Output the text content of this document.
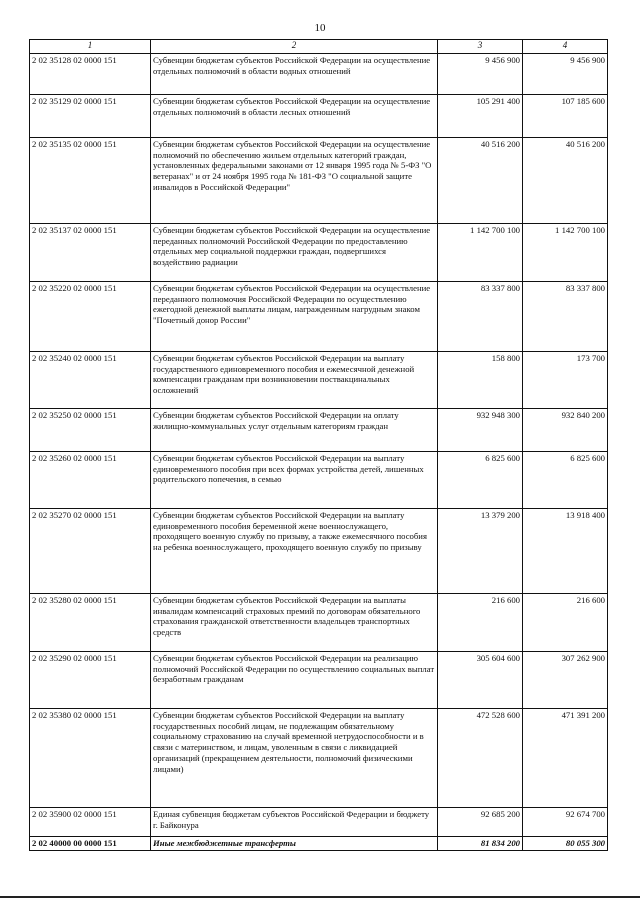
10
1	2	3	4
2 02 35128 02 0000 151	Субвенции бюджетам субъектов Российской Федерации на осуществление отдельных полномочий в области водных отношений	9 456 900	9 456 900
2 02 35129 02 0000 151	Субвенции бюджетам субъектов Российской Федерации на осуществление отдельных полномочий в области лесных отношений	105 291 400	107 185 600
2 02 35135 02 0000 151	Субвенции бюджетам субъектов Российской Федерации на осуществление полномочий по обеспечению жильем отдельных категорий граждан, установленных федеральными законами от 12 января 1995 года № 5-ФЗ "О ветеранах" и от 24 ноября 1995 года № 181-ФЗ "О социальной защите инвалидов в Российской Федерации"	40 516 200	40 516 200
2 02 35137 02 0000 151	Субвенции бюджетам субъектов Российской Федерации на осуществление переданных полномочий Российской Федерации по предоставлению отдельных мер социальной поддержки граждан, подвергшихся воздействию радиации	1 142 700 100	1 142 700 100
2 02 35220 02 0000 151	Субвенции бюджетам субъектов Российской Федерации на осуществление переданного полномочия Российской Федерации по осуществлению ежегодной денежной выплаты лицам, награжденным нагрудным знаком "Почетный донор России"	83 337 800	83 337 800
2 02 35240 02 0000 151	Субвенции бюджетам субъектов Российской Федерации на выплату государственного единовременного пособия и ежемесячной денежной компенсации гражданам при возникновении поствакцинальных осложнений	158 800	173 700
2 02 35250 02 0000 151	Субвенции бюджетам субъектов Российской Федерации на оплату жилищно-коммунальных услуг отдельным категориям граждан	932 948 300	932 840 200
2 02 35260 02 0000 151	Субвенции бюджетам субъектов Российской Федерации на выплату единовременного пособия при всех формах устройства детей, лишенных родительского попечения, в семью	6 825 600	6 825 600
2 02 35270 02 0000 151	Субвенции бюджетам субъектов Российской Федерации на выплату единовременного пособия беременной жене военнослужащего, проходящего военную службу по призыву, а также ежемесячного пособия на ребенка военнослужащего, проходящего военную службу по призыву	13 379 200	13 918 400
2 02 35280 02 0000 151	Субвенции бюджетам субъектов Российской Федерации на выплаты инвалидам компенсаций страховых премий по договорам обязательного страхования гражданской ответственности владельцев транспортных средств	216 600	216 600
2 02 35290 02 0000 151	Субвенции бюджетам субъектов Российской Федерации на реализацию полномочий Российской Федерации по осуществлению социальных выплат безработным гражданам	305 604 600	307 262 900
2 02 35380 02 0000 151	Субвенции бюджетам субъектов Российской Федерации на выплату государственных пособий лицам, не подлежащим обязательному социальному страхованию на случай временной нетрудоспособности и в связи с материнством, и лицам, уволенным в связи с ликвидацией организаций (прекращением деятельности, полномочий физическими лицами)	472 528 600	471 391 200
2 02 35900 02 0000 151	Единая субвенция бюджетам субъектов Российской Федерации и бюджету г. Байконура	92 685 200	92 674 700
2 02 40000 00 0000 151	Иные межбюджетные трансферты	81 834 200	80 055 300
